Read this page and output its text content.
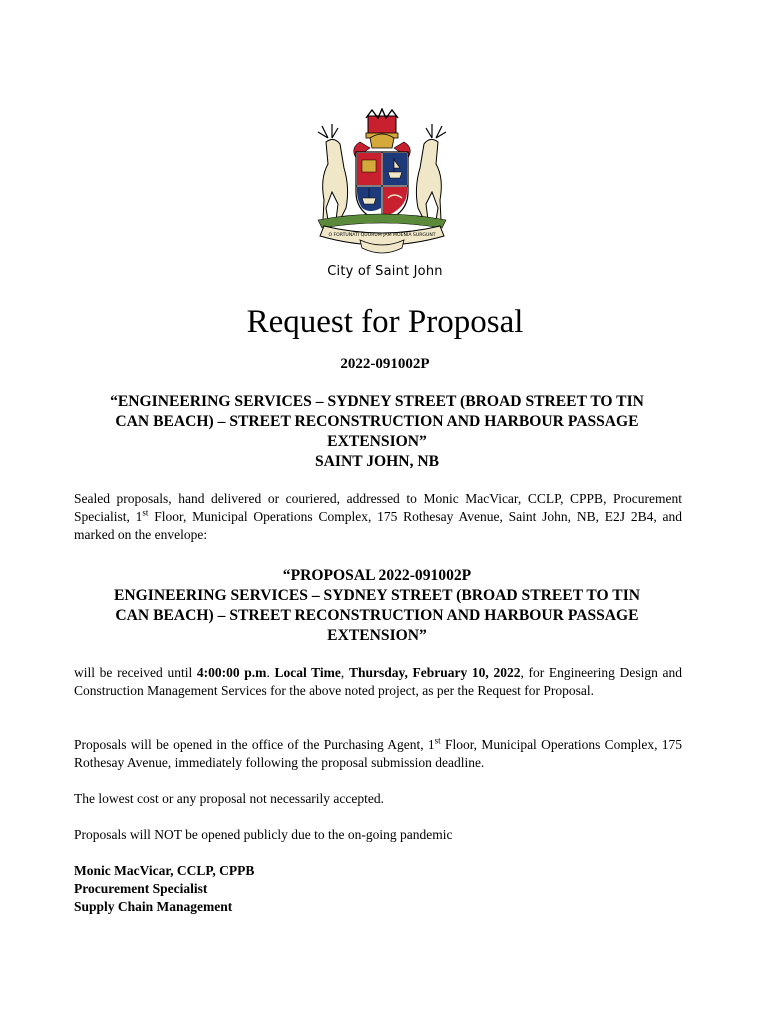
O FORTUNATI QUORUM JAM MOENIA SURGUNT
City of Saint John
Request for Proposal
2022-091002P
“ENGINEERING SERVICES – SYDNEY STREET (BROAD STREET TO TIN
CAN BEACH) – STREET RECONSTRUCTION AND HARBOUR PASSAGE
EXTENSION”
SAINT JOHN, NB
Sealed proposals, hand delivered or couriered, addressed to Monic MacVicar, CCLP, CPPB, Procurement Specialist, 1st Floor, Municipal Operations Complex, 175 Rothesay Avenue, Saint John, NB, E2J 2B4, and marked on the envelope:
“PROPOSAL 2022-091002P
ENGINEERING SERVICES – SYDNEY STREET (BROAD STREET TO TIN
CAN BEACH) – STREET RECONSTRUCTION AND HARBOUR PASSAGE
EXTENSION”
will be received until 4:00:00 p.m. Local Time, Thursday, February 10, 2022, for Engineering Design and Construction Management Services for the above noted project, as per the Request for Proposal.
Proposals will be opened in the office of the Purchasing Agent, 1st Floor, Municipal Operations Complex, 175 Rothesay Avenue, immediately following the proposal submission deadline.
The lowest cost or any proposal not necessarily accepted.
Proposals will NOT be opened publicly due to the on-going pandemic
Monic MacVicar, CCLP, CPPB
Procurement Specialist
Supply Chain Management
